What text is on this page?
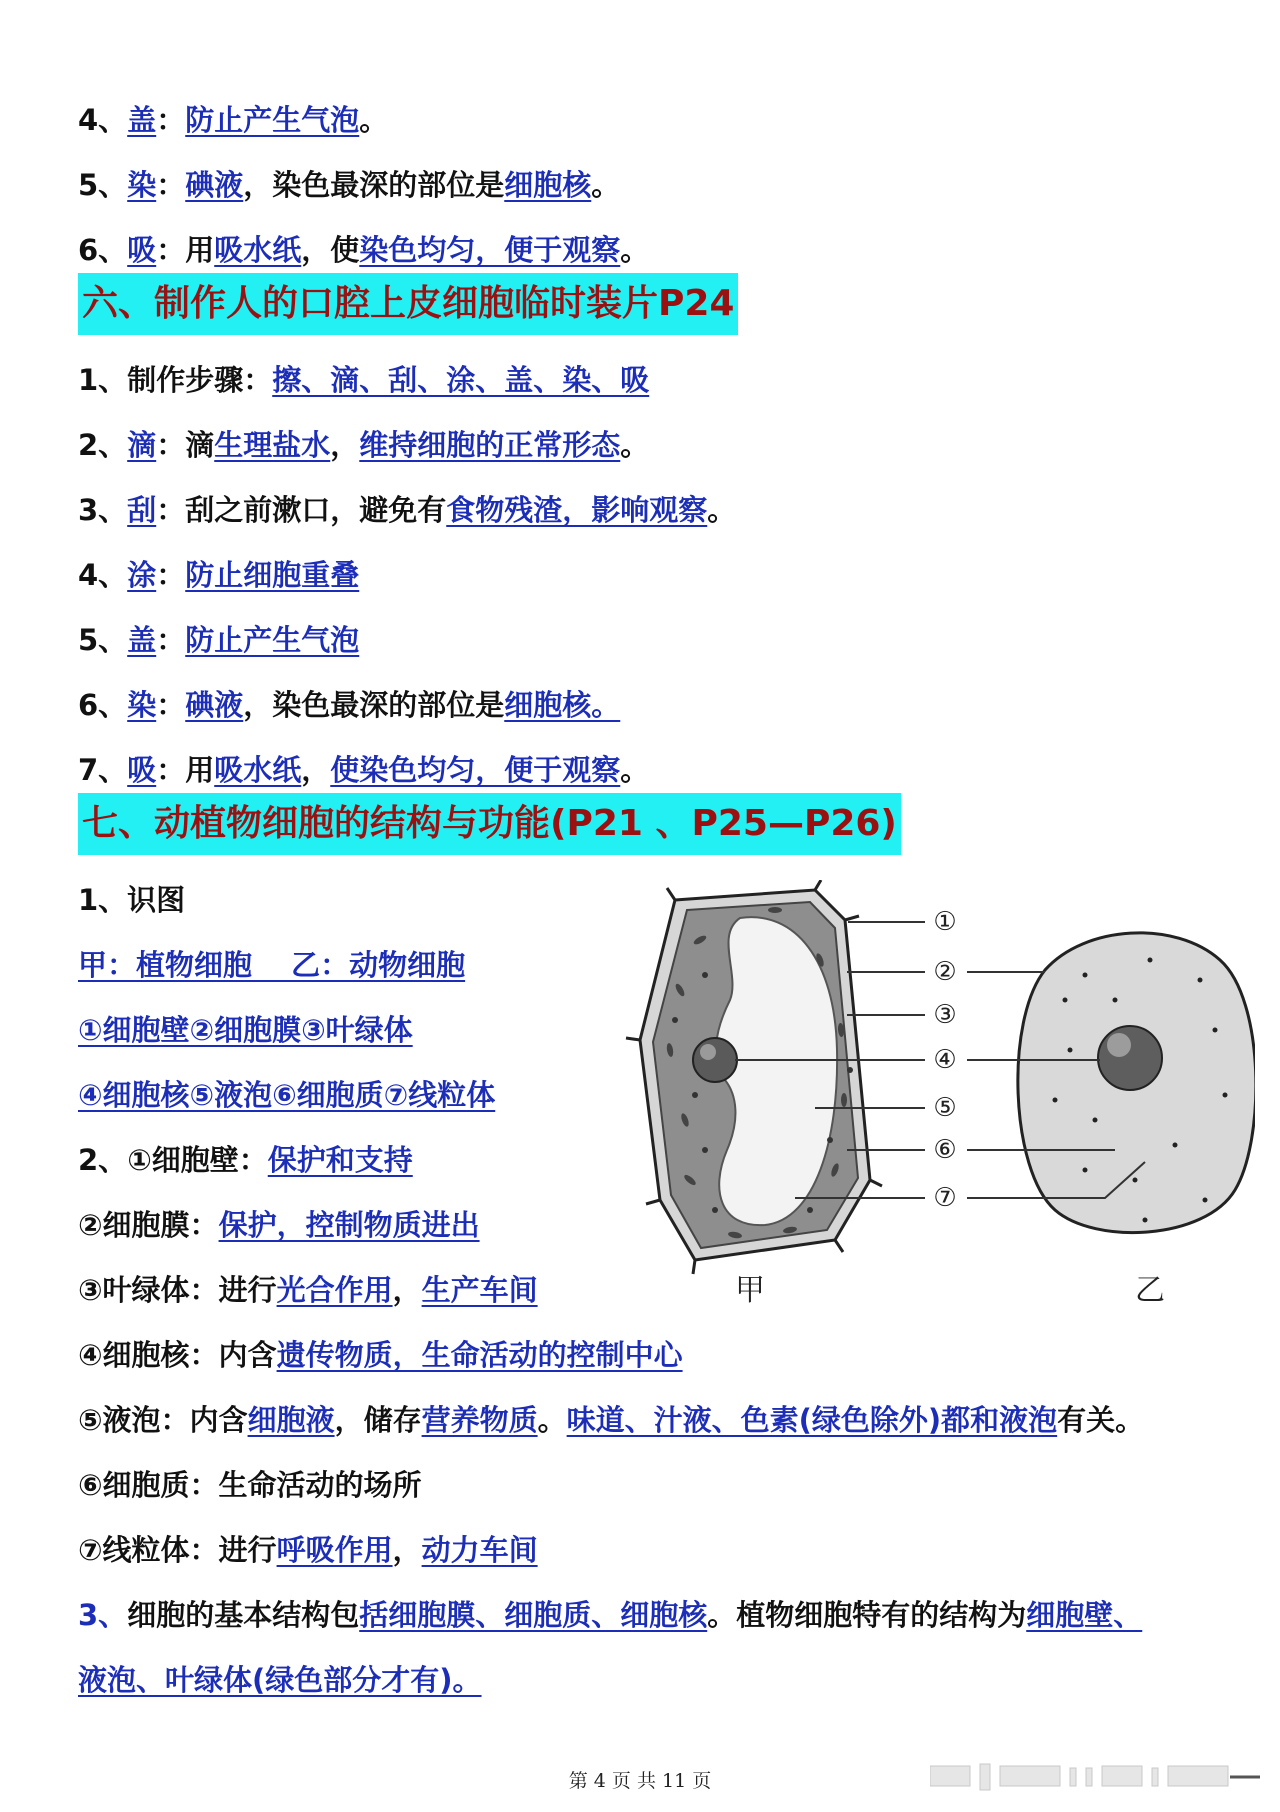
4、盖：防止产生气泡。
5、染：碘液，染色最深的部位是细胞核。
6、吸：用吸水纸，使染色均匀，便于观察。
六、制作人的口腔上皮细胞临时装片P24
1、制作步骤：擦、滴、刮、涂、盖、染、吸
2、滴：滴生理盐水，维持细胞的正常形态。
3、刮：刮之前漱口，避免有食物残渣，影响观察。
4、涂：防止细胞重叠
5、盖：防止产生气泡
6、染：碘液，染色最深的部位是细胞核。
7、吸：用吸水纸，使染色均匀，便于观察。
七、动植物细胞的结构与功能(P21 、P25—P26)
1、识图
甲：植物细胞　 乙：动物细胞
①细胞壁②细胞膜③叶绿体
④细胞核⑤液泡⑥细胞质⑦线粒体
2、①细胞壁：保护和支持
②细胞膜：保护，控制物质进出
③叶绿体：进行光合作用，生产车间
④细胞核：内含遗传物质，生命活动的控制中心
⑤液泡：内含细胞液，储存营养物质。味道、汁液、色素(绿色除外)都和液泡有关。
⑥细胞质：生命活动的场所
⑦线粒体：进行呼吸作用，动力车间
3、细胞的基本结构包括细胞膜、细胞质、细胞核。植物细胞特有的结构为细胞壁、
液泡、叶绿体(绿色部分才有)。
①
②
③
④
⑤
⑥
⑦
甲	乙
第 4 页 共 11 页
